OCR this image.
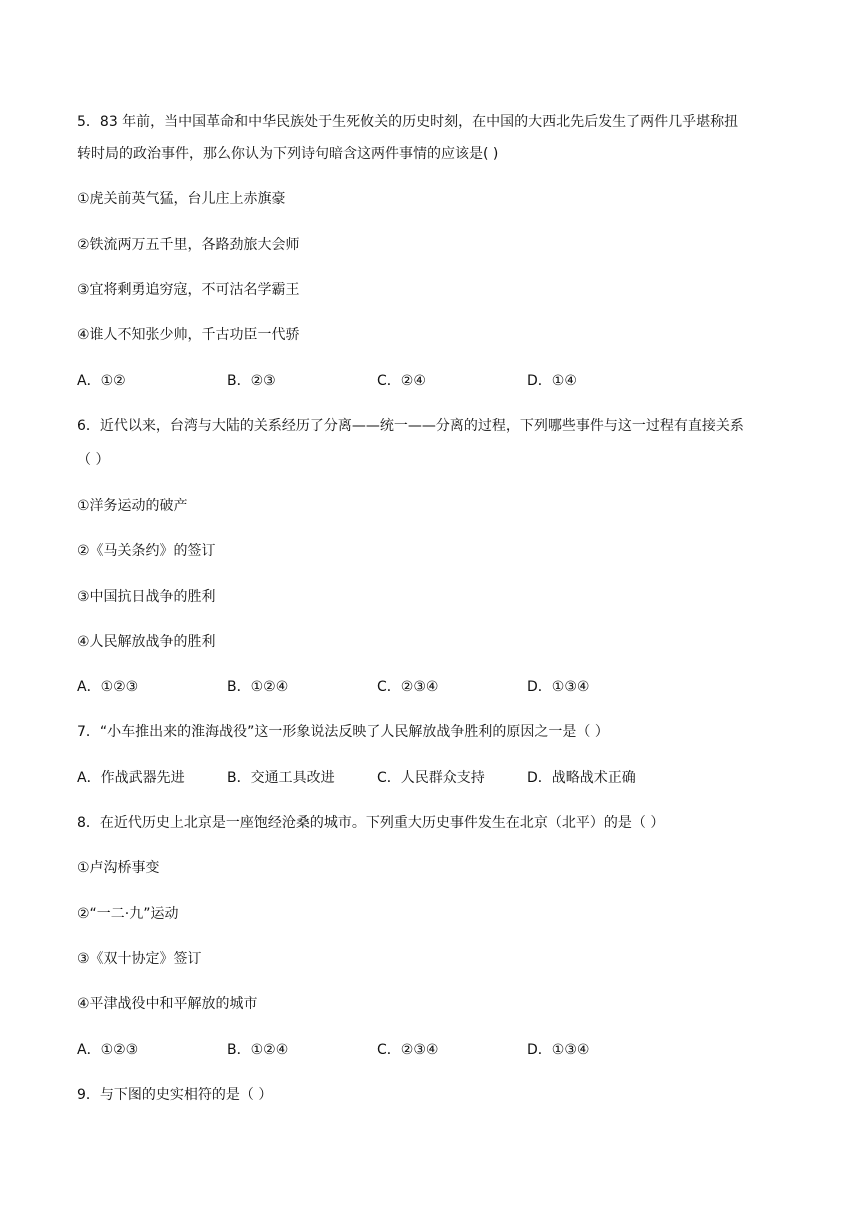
5．83 年前，当中国革命和中华民族处于生死攸关的历史时刻，在中国的大西北先后发生了两件几乎堪称扭
转时局的政治事件，那么你认为下列诗句暗含这两件事情的应该是( )
①虎关前英气猛，台儿庄上赤旗豪
②铁流两万五千里，各路劲旅大会师
③宜将剩勇追穷寇，不可沽名学霸王
④谁人不知张少帅，千古功臣一代骄
A．①②	B．②③	C．②④	D．①④
6．近代以来，台湾与大陆的关系经历了分离——统一——分离的过程，下列哪些事件与这一过程有直接关系
（ ）
①洋务运动的破产
②《马关条约》的签订
③中国抗日战争的胜利
④人民解放战争的胜利
A．①②③	B．①②④	C．②③④	D．①③④
7．“小车推出来的淮海战役”这一形象说法反映了人民解放战争胜利的原因之一是（ ）
A．作战武器先进	B．交通工具改进	C．人民群众支持	D．战略战术正确
8．在近代历史上北京是一座饱经沧桑的城市。下列重大历史事件发生在北京（北平）的是（ ）
①卢沟桥事变
②“一二·九”运动
③《双十协定》签订
④平津战役中和平解放的城市
A．①②③	B．①②④	C．②③④	D．①③④
9．与下图的史实相符的是（ ）
